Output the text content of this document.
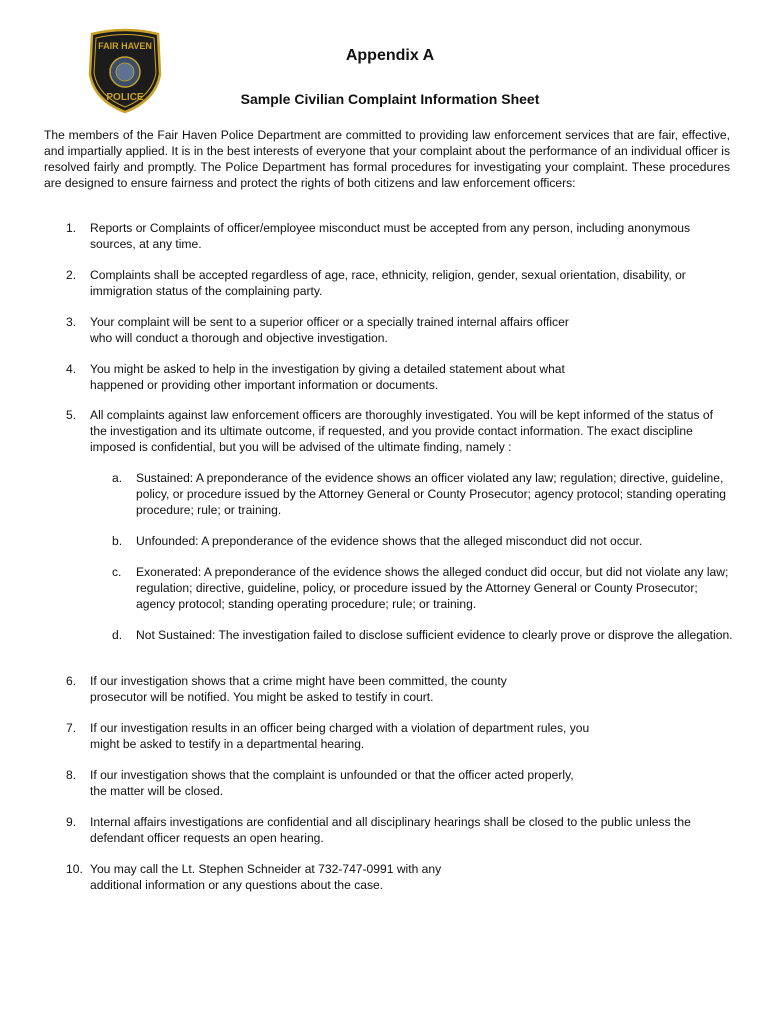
FAIR HAVEN
POLICE
Appendix A
Sample Civilian Complaint Information Sheet

The members of the Fair Haven Police Department are committed to providing law enforcement services that are fair, effective, and impartially applied. It is in the best interests of everyone that your complaint about the performance of an individual officer is resolved fairly and promptly. The Police Department has formal procedures for investigating your complaint. These procedures are designed to ensure fairness and protect the rights of both citizens and law enforcement officers:

1.	Reports or Complaints of officer/employee misconduct must be accepted from any person, including anonymous sources, at any time.
2.	Complaints shall be accepted regardless of age, race, ethnicity, religion, gender, sexual orientation, disability, or immigration status of the complaining party.
3.	Your complaint will be sent to a superior officer or a specially trained internal affairs officer who will conduct a thorough and objective investigation.
4.	You might be asked to help in the investigation by giving a detailed statement about what happened or providing other important information or documents.
5.	All complaints against law enforcement officers are thoroughly investigated. You will be kept informed of the status of the investigation and its ultimate outcome, if requested, and you provide contact information. The exact discipline imposed is confidential, but you will be advised of the ultimate finding, namely :
a.	Sustained: A preponderance of the evidence shows an officer violated any law; regulation; directive, guideline, policy, or procedure issued by the Attorney General or County Prosecutor; agency protocol; standing operating procedure; rule; or training.
b.	Unfounded: A preponderance of the evidence shows that the alleged misconduct did not occur.
c.	Exonerated: A preponderance of the evidence shows the alleged conduct did occur, but did not violate any law; regulation; directive, guideline, policy, or procedure issued by the Attorney General or County Prosecutor; agency protocol; standing operating procedure; rule; or training.
d.	Not Sustained: The investigation failed to disclose sufficient evidence to clearly prove or disprove the allegation.
6.	If our investigation shows that a crime might have been committed, the county prosecutor will be notified. You might be asked to testify in court.
7.	If our investigation results in an officer being charged with a violation of department rules, you might be asked to testify in a departmental hearing.
8.	If our investigation shows that the complaint is unfounded or that the officer acted properly, the matter will be closed.
9.	Internal affairs investigations are confidential and all disciplinary hearings shall be closed to the public unless the defendant officer requests an open hearing.
10. You may call the Lt. Stephen Schneider at 732-747-0991 with any additional information or any questions about the case.
